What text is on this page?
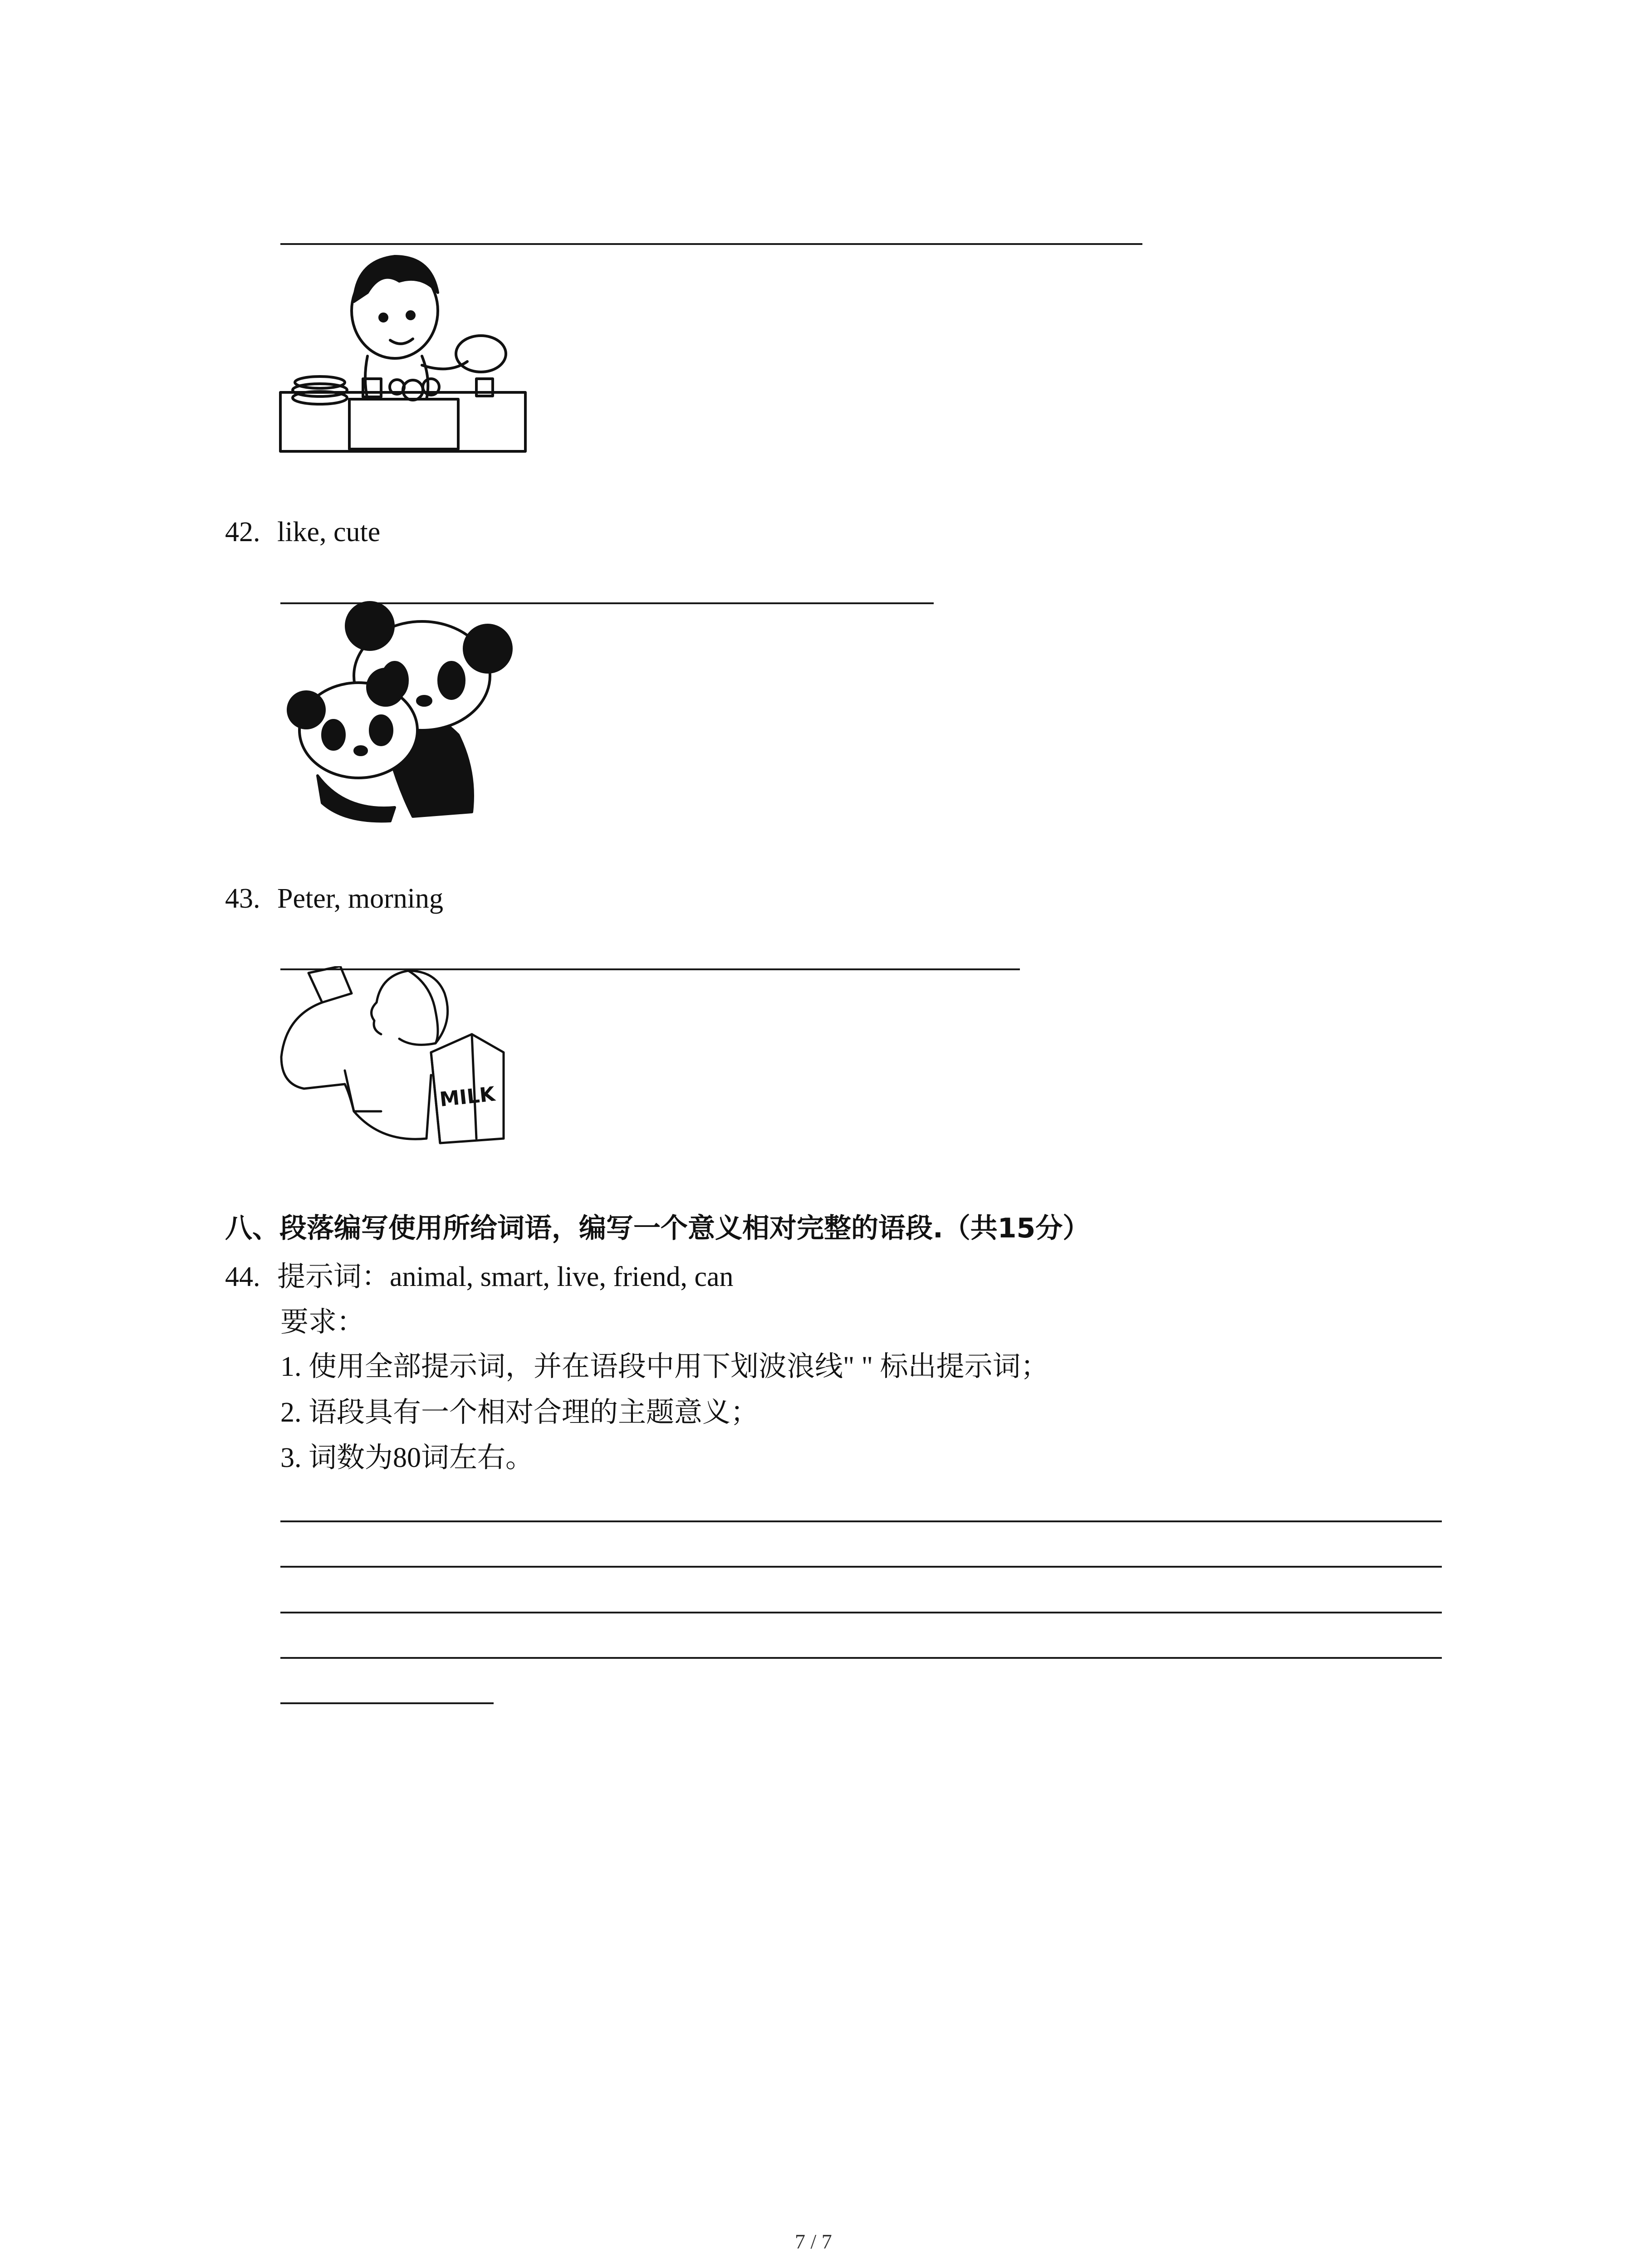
42. like, cute
43. Peter, morning
MILK
八、段落编写使用所给词语，编写一个意义相对完整的语段.（共15分）
44. 提示词：animal, smart, live, friend, can
要求：
1. 使用全部提示词，并在语段中用下划波浪线" " 标出提示词；
2. 语段具有一个相对合理的主题意义；
3. 词数为80词左右。
7 / 7
